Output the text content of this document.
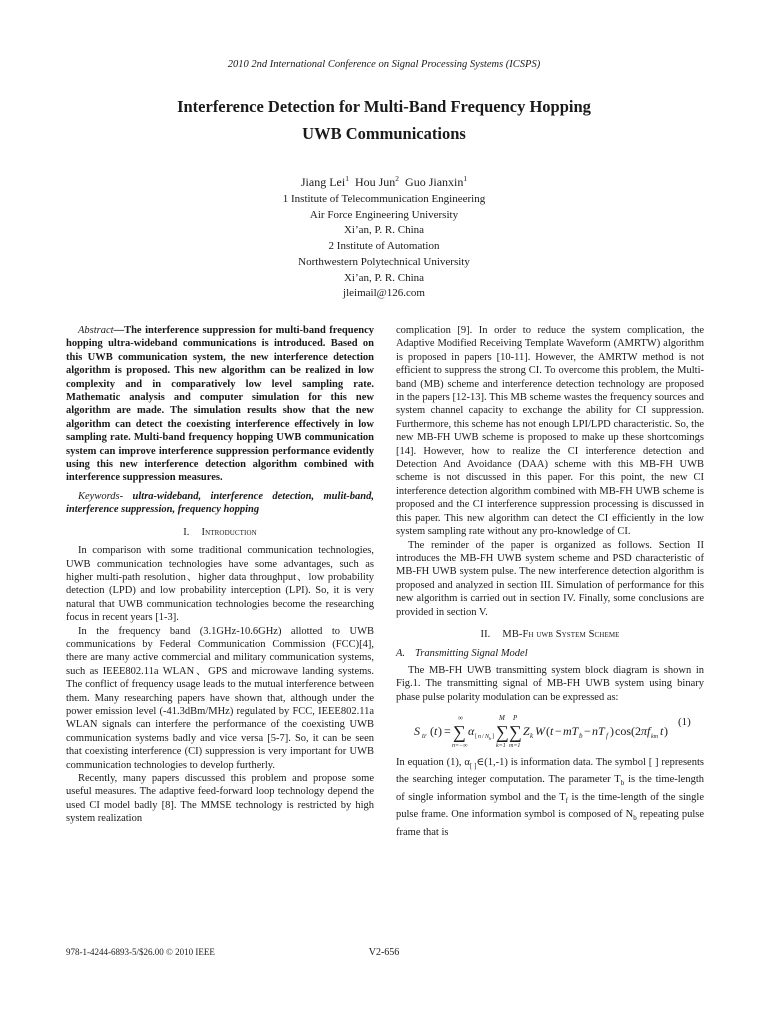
2010 2nd International Conference on Signal Processing Systems (ICSPS)
Interference Detection for Multi-Band Frequency Hopping
UWB Communications
Jiang Lei$^1$ Hou Jun$^2$ Guo Jianxin$^1$
1 Institute of Telecommunication Engineering
Air Force Engineering University
Xi’an, P. R. China
2 Institute of Automation
Northwestern Polytechnical University
Xi’an, P. R. China
jleimail@126.com

Abstract—The interference suppression for multi-band frequency hopping ultra-wideband communications is introduced. Based on this UWB communication system, the new interference detection algorithm is proposed. This new algorithm can be realized in low complexity and in comparatively low level sampling rate. Mathematic analysis and computer simulation for this new algorithm are made. The simulation results show that the new algorithm can detect the coexisting interference effectively in low sampling rate. Multi-band frequency hopping UWB communication system can improve interference suppression performance evidently using this new interference detection algorithm combined with interference suppression measures.

Keywords- ultra-wideband, interference detection, mulit-band, interference suppression, frequency hopping

I. Introduction

In comparison with some traditional communication technologies, UWB communication technologies have some advantages, such as higher multi-path resolution、higher data throughput、low probability detection (LPD) and low probability interception (LPI). So, it is very natural that UWB communication technologies become the researching focus in recent years [1-3].

In the frequency band (3.1GHz-10.6GHz) allotted to UWB communications by Federal Communication Commission (FCC)[4], there are many active commercial and military communication systems, such as IEEE802.11a WLAN、GPS and microwave landing systems. The conflict of frequency usage leads to the mutual interference between them. Many researching papers have shown that, although under the power emission level (-41.3dBm/MHz) regulated by FCC, IEEE802.11a WLAN signals can interfere the performance of the coexisting UWB communication systems badly and vice versa [5-7]. So, it can be seen that coexisting interference (CI) suppression is very important for UWB communication technologies to develop furtherly.

Recently, many papers discussed this problem and propose some useful measures. The adaptive feed-forward loop technology depend the used CI model badly [8]. The MMSE technology is restricted by high system realization

complication [9]. In order to reduce the system complication, the Adaptive Modified Receiving Template Waveform (AMRTW) algorithm is proposed in papers [10-11]. However, the AMRTW method is not efficient to suppress the strong CI. To overcome this problem, the Multi-band (MB) scheme and interference detection technology are proposed in the papers [12-13]. This MB scheme wastes the frequency sources and system channel capacity to exchange the ability for CI suppression. Furthermore, this scheme has not enough LPI/LPD characteristic. So, the new MB-FH UWB scheme is proposed to make up these shortcomings [14]. However, how to realize the CI interference detection and Detection And Avoidance (DAA) scheme with this MB-FH UWB scheme is not discussed in this paper. For this point, the new CI interference detection algorithm combined with MB-FH UWB scheme is proposed and the CI interference suppression processing is discussed in this paper. This new algorithm can detect the CI efficiently in the low system sampling rate without any pro-knowledge of CI.

The reminder of the paper is organized as follows. Section II introduces the MB-FH UWB system scheme and PSD characteristic of MB-FH UWB system pulse. The new interference detection algorithm is proposed and analyzed in section III. Simulation of performance for this new algorithm is carried out in section IV. Finally, some conclusions are provided in section V.

II. MB-Fh uwb System Scheme
A. Transmitting Signal Model

The MB-FH UWB transmitting system block diagram is shown in Fig.1. The transmitting signal of MB-FH UWB system using binary phase pulse polarity modulation can be expressed as:

S tr ( t ) =
∞
∑
n=−∞
α [ n / N b ]
M
∑
k=1
P
∑
m=1
Z k W ( t − mT b − nT f ) cos(2 πf km t )
(1)

In equation (1), $\alpha_{[ ]}\in(1,-1)$ is information data. The symbol [ ] represents the searching integer computation. The parameter $T_b$ is the time-length of single information symbol and the $T_f$ is the time-length of the single pulse frame. One information symbol is composed of $N_b$ repeating pulse frame that is

978-1-4244-6893-5/$26.00 © 2010 IEEE	V2-656
